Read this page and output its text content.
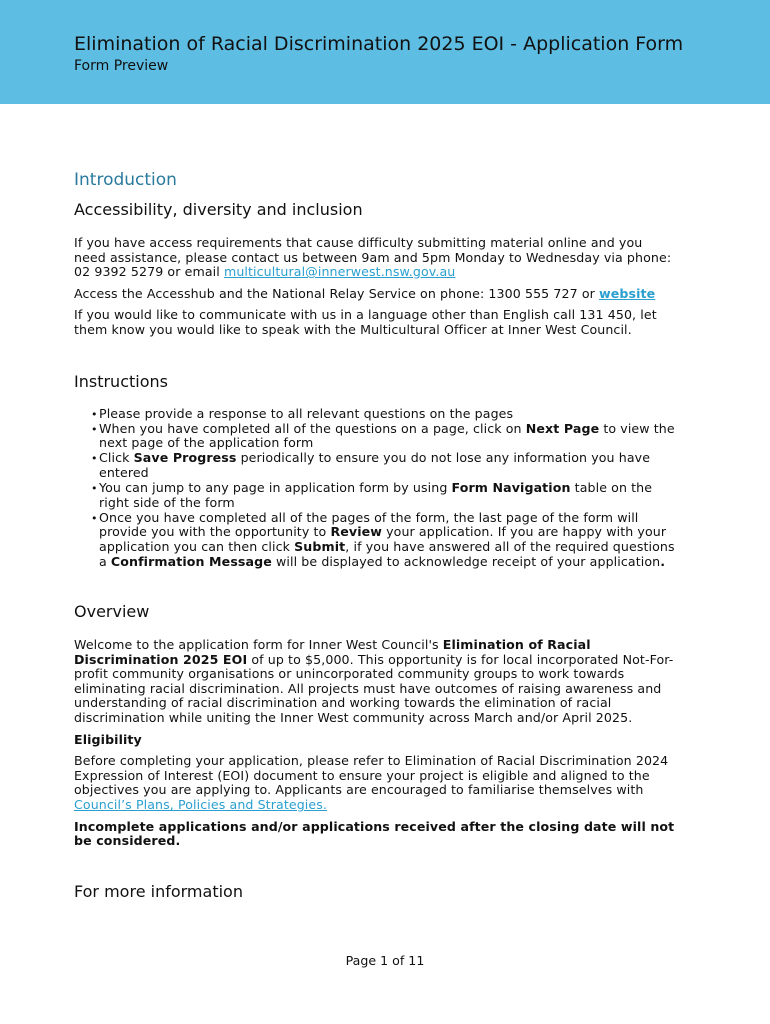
Elimination of Racial Discrimination 2025 EOI - Application Form
Form Preview
Introduction
Accessibility, diversity and inclusion

If you have access requirements that cause difficulty submitting material online and you need assistance, please contact us between 9am and 5pm Monday to Wednesday via phone: 02 9392 5279 or email multicultural@innerwest.nsw.gov.au

Access the Accesshub and the National Relay Service on phone: 1300 555 727 or website

If you would like to communicate with us in a language other than English call 131 450, let them know you would like to speak with the Multicultural Officer at Inner West Council.

Instructions
• Please provide a response to all relevant questions on the pages
• When you have completed all of the questions on a page, click on Next Page to view the next page of the application form
• Click Save Progress periodically to ensure you do not lose any information you have entered
• You can jump to any page in application form by using Form Navigation table on the right side of the form
• Once you have completed all of the pages of the form, the last page of the form will provide you with the opportunity to Review your application. If you are happy with your application you can then click Submit, if you have answered all of the required questions a Confirmation Message will be displayed to acknowledge receipt of your application.
Overview

Welcome to the application form for Inner West Council's Elimination of Racial Discrimination 2025 EOI of up to $5,000. This opportunity is for local incorporated Not-For-profit community organisations or unincorporated community groups to work towards eliminating racial discrimination. All projects must have outcomes of raising awareness and understanding of racial discrimination and working towards the elimination of racial discrimination while uniting the Inner West community across March and/or April 2025.

Eligibility

Before completing your application, please refer to Elimination of Racial Discrimination 2024 Expression of Interest (EOI) document to ensure your project is eligible and aligned to the objectives you are applying to. Applicants are encouraged to familiarise themselves with Council’s Plans, Policies and Strategies.

Incomplete applications and/or applications received after the closing date will not be considered.

For more information
Page 1 of 11
